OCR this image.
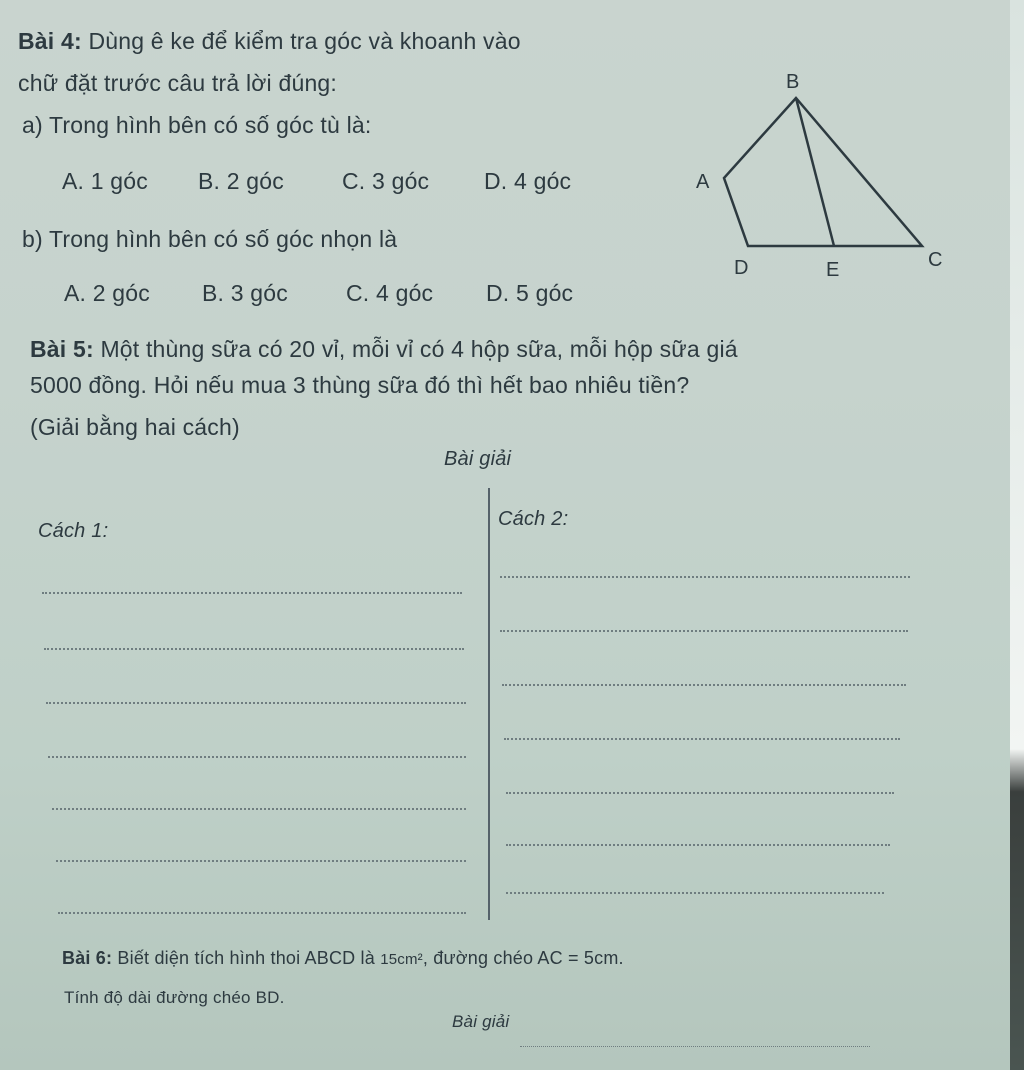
Bài 4: Dùng ê ke để kiểm tra góc và khoanh vào
chữ đặt trước câu trả lời đúng:
a) Trong hình bên có số góc tù là:
A. 1 góc B. 2 góc	C. 3 góc D. 4 góc
b) Trong hình bên có số góc nhọn là
A. 2 góc B. 3 góc	C. 4 góc D. 5 góc
B
A
D	E	C
Bài 5: Một thùng sữa có 20 vỉ, mỗi vỉ có 4 hộp sữa, mỗi hộp sữa giá
5000 đồng. Hỏi nếu mua 3 thùng sữa đó thì hết bao nhiêu tiền?
(Giải bằng hai cách)
Bài giải
Cách 1:
Cách 2:
Bài 6: Biết diện tích hình thoi ABCD là 15cm², đường chéo AC = 5cm.
Tính độ dài đường chéo BD.
Bài giải
